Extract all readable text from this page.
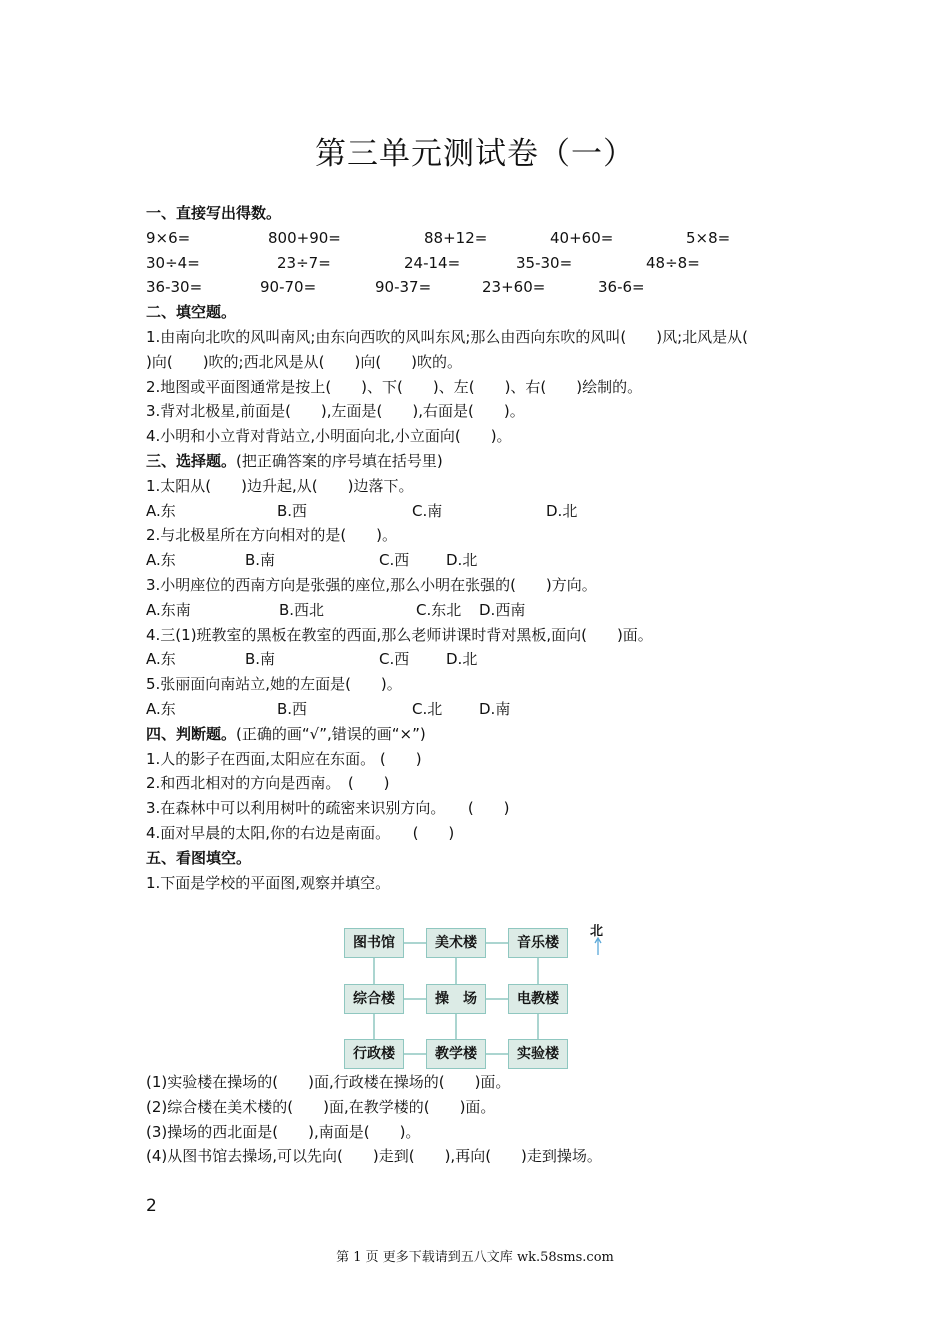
第三单元测试卷（一）
一、直接写出得数。
9×6=	800+90=	88+12=	40+60=	5×8=
30÷4=	23÷7=	24-14=	35-30=	48÷8=
36-30=	90-70=	90-37=	23+60=	36-6=
二、填空题。
1.由南向北吹的风叫南风;由东向西吹的风叫东风;那么由西向东吹的风叫(　　)风;北风是从(
)向(　　)吹的;西北风是从(　　)向(　　)吹的。
2.地图或平面图通常是按上(　　)、下(　　)、左(　　)、右(　　)绘制的。
3.背对北极星,前面是(　　),左面是(　　),右面是(　　)。
4.小明和小立背对背站立,小明面向北,小立面向(　　)。
三、选择题。(把正确答案的序号填在括号里)
1.太阳从(　　)边升起,从(　　)边落下。
A.东	B.西	C.南	D.北
2.与北极星所在方向相对的是(　　)。
A.东	B.南	C.西 D.北
3.小明座位的西南方向是张强的座位,那么小明在张强的(　　)方向。
A.东南	B.西北	C.东北 D.西南
4.三(1)班教室的黑板在教室的西面,那么老师讲课时背对黑板,面向(　　)面。
A.东	B.南	C.西 D.北
5.张丽面向南站立,她的左面是(　　)。
A.东	B.西	C.北 D.南
四、判断题。(正确的画“√”,错误的画“×”)
1.人的影子在西面,太阳应在东面。 (　　)
2.和西北相对的方向是西南。　(　　)
3.在森林中可以利用树叶的疏密来识别方向。　　(　　)
4.面对早晨的太阳,你的右边是南面。　　(　　)
五、看图填空。
1.下面是学校的平面图,观察并填空。
图书馆	美术楼	音乐楼
综合楼	操　场	电教楼
行政楼	教学楼	实验楼
北
(1)实验楼在操场的(　　)面,行政楼在操场的(　　)面。
(2)综合楼在美术楼的(　　)面,在教学楼的(　　)面。
(3)操场的西北面是(　　),南面是(　　)。
(4)从图书馆去操场,可以先向(　　)走到(　　),再向(　　)走到操场。
2
第 1 页 更多下载请到五八文库 wk.58sms.com
